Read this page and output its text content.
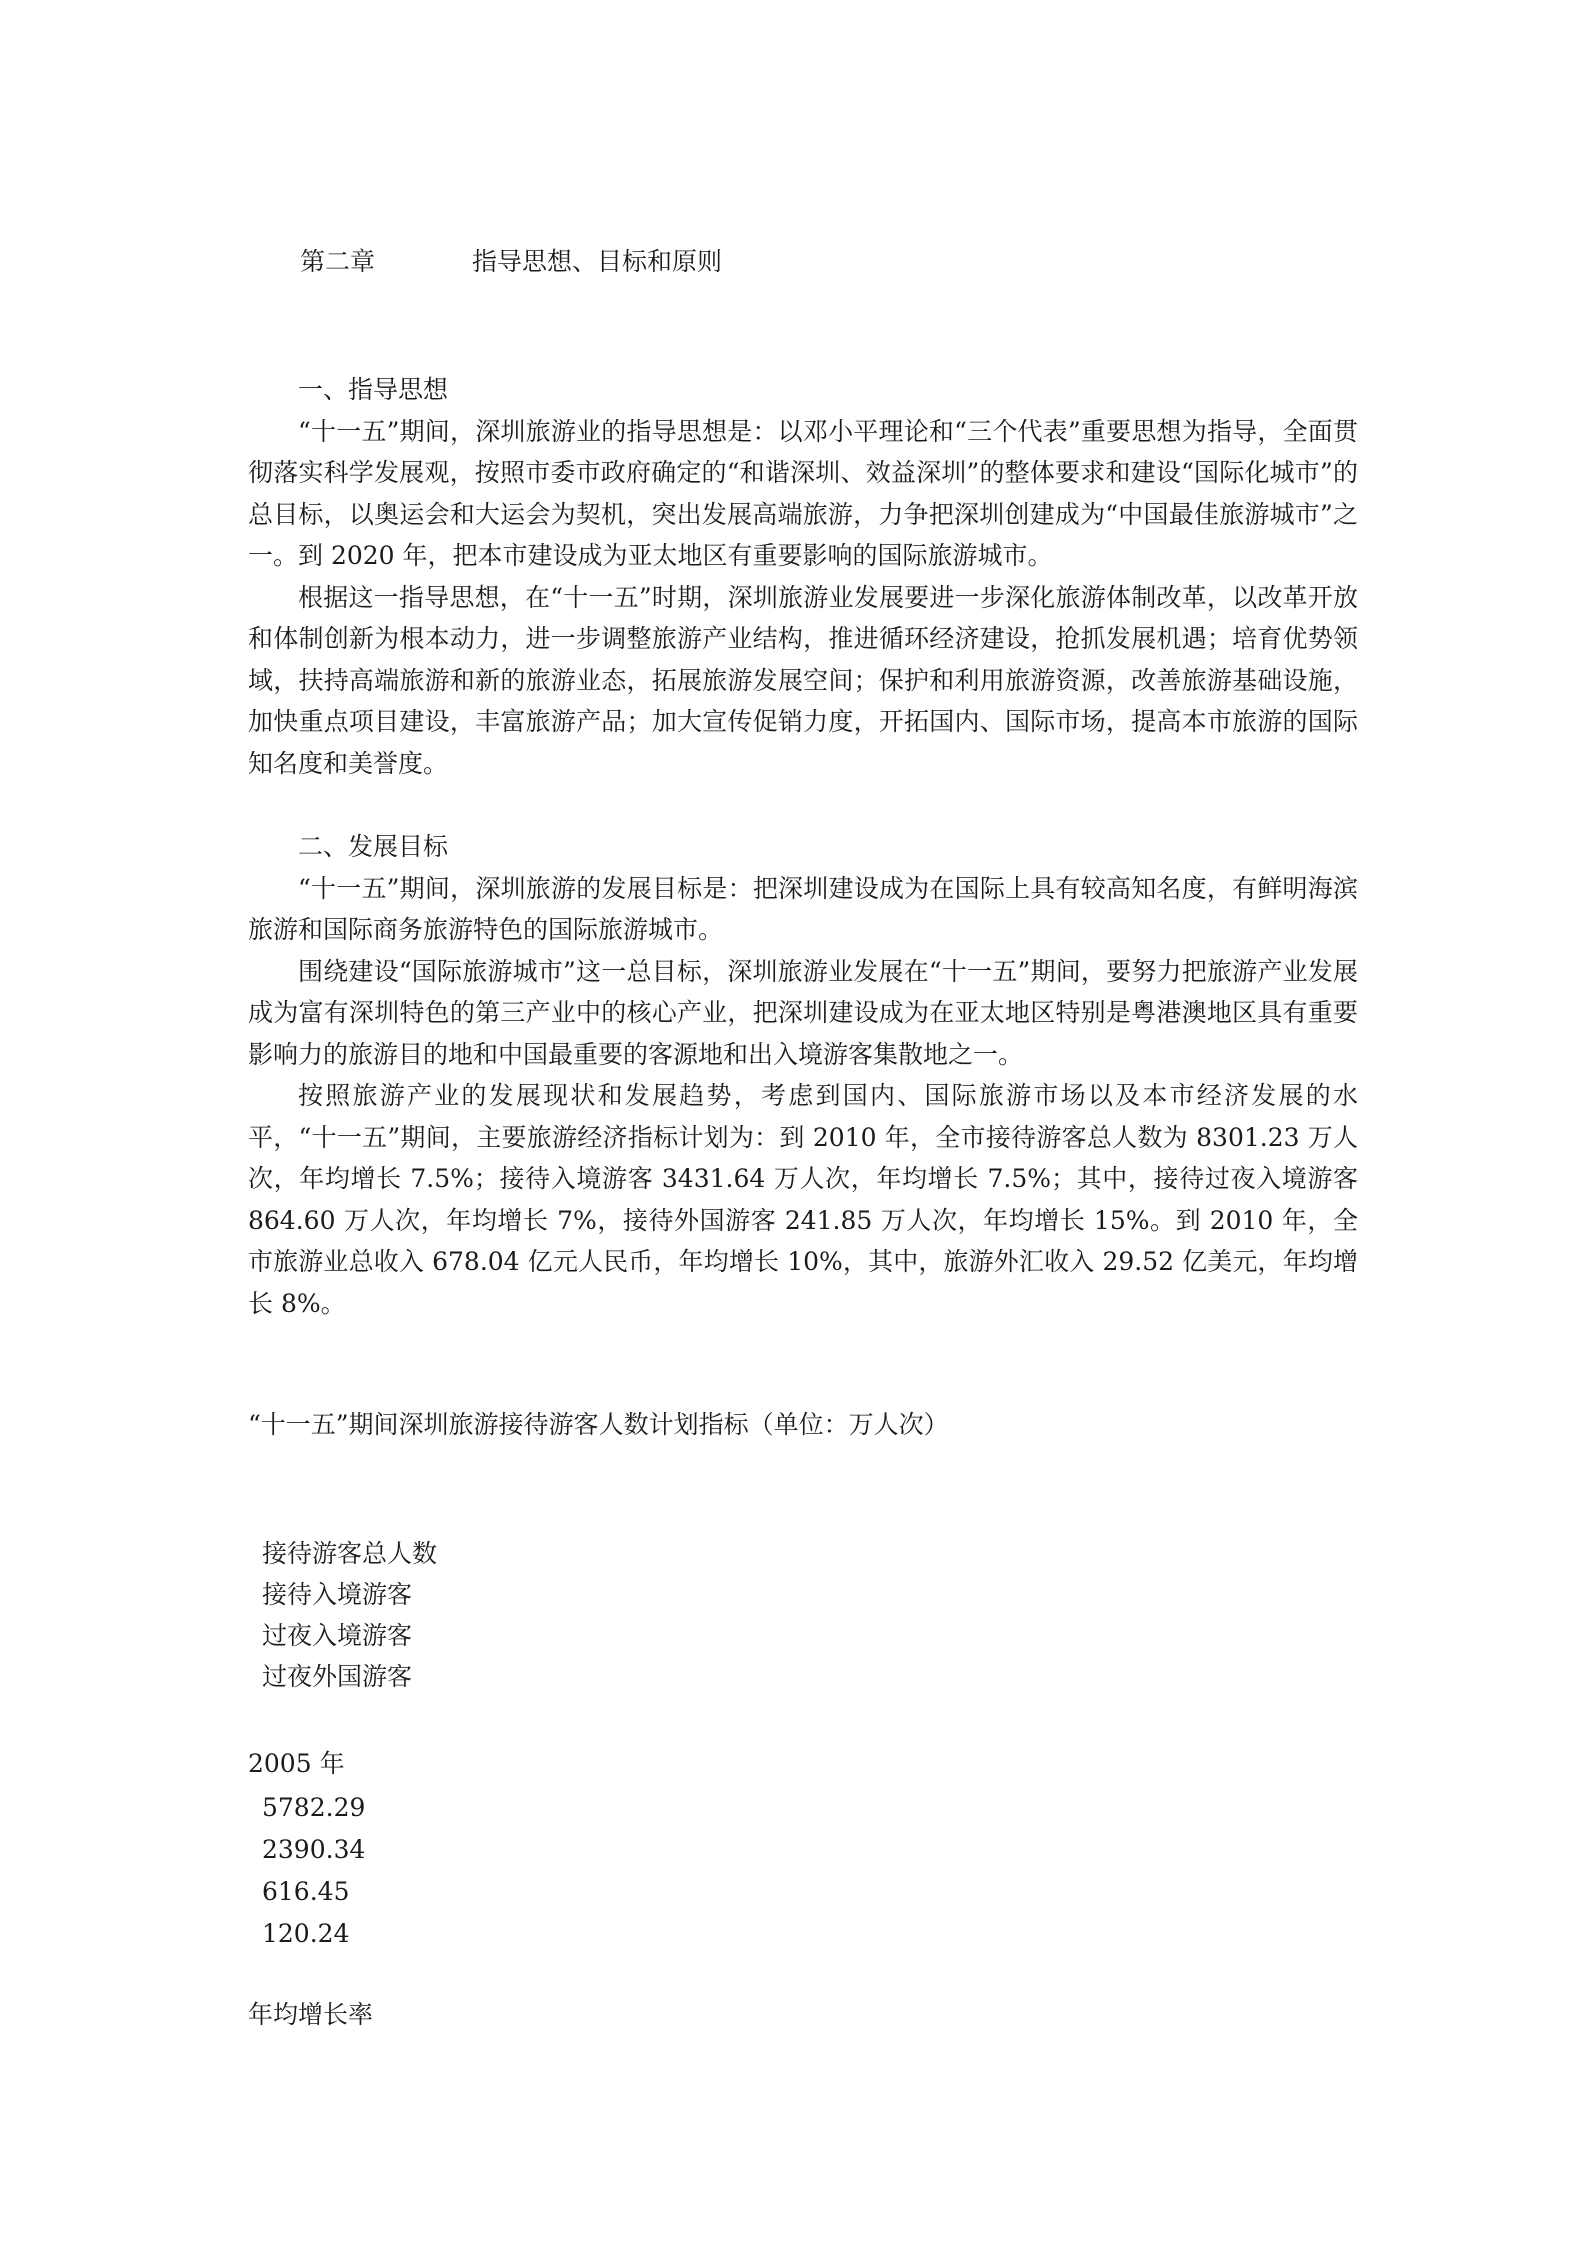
第二章	指导思想、目标和原则

一、指导思想

“十一五”期间，深圳旅游业的指导思想是：以邓小平理论和“三个代表”重要思想为指导，全面贯彻落实科学发展观，按照市委市政府确定的“和谐深圳、效益深圳”的整体要求和建设“国际化城市”的总目标，以奥运会和大运会为契机，突出发展高端旅游，力争把深圳创建成为“中国最佳旅游城市”之一。到 2020 年，把本市建设成为亚太地区有重要影响的国际旅游城市。

根据这一指导思想，在“十一五”时期，深圳旅游业发展要进一步深化旅游体制改革，以改革开放和体制创新为根本动力，进一步调整旅游产业结构，推进循环经济建设，抢抓发展机遇；培育优势领域，扶持高端旅游和新的旅游业态，拓展旅游发展空间；保护和利用旅游资源，改善旅游基础设施，加快重点项目建设，丰富旅游产品；加大宣传促销力度，开拓国内、国际市场，提高本市旅游的国际知名度和美誉度。

二、发展目标

“十一五”期间，深圳旅游的发展目标是：把深圳建设成为在国际上具有较高知名度，有鲜明海滨旅游和国际商务旅游特色的国际旅游城市。

围绕建设“国际旅游城市”这一总目标，深圳旅游业发展在“十一五”期间，要努力把旅游产业发展成为富有深圳特色的第三产业中的核心产业，把深圳建设成为在亚太地区特别是粤港澳地区具有重要影响力的旅游目的地和中国最重要的客源地和出入境游客集散地之一。

按照旅游产业的发展现状和发展趋势，考虑到国内、国际旅游市场以及本市经济发展的水平，“十一五”期间，主要旅游经济指标计划为：到 2010 年，全市接待游客总人数为 8301.23 万人次，年均增长 7.5%；接待入境游客 3431.64 万人次，年均增长 7.5%；其中，接待过夜入境游客 864.60 万人次，年均增长 7%，接待外国游客 241.85 万人次，年均增长 15%。到 2010 年，全市旅游业总收入 678.04 亿元人民币，年均增长 10%，其中，旅游外汇收入 29.52 亿美元，年均增长 8%。

“十一五”期间深圳旅游接待游客人数计划指标（单位：万人次）
接待游客总人数
接待入境游客
过夜入境游客
过夜外国游客
2005 年
5782.29
2390.34
616.45
120.24
年均增长率
